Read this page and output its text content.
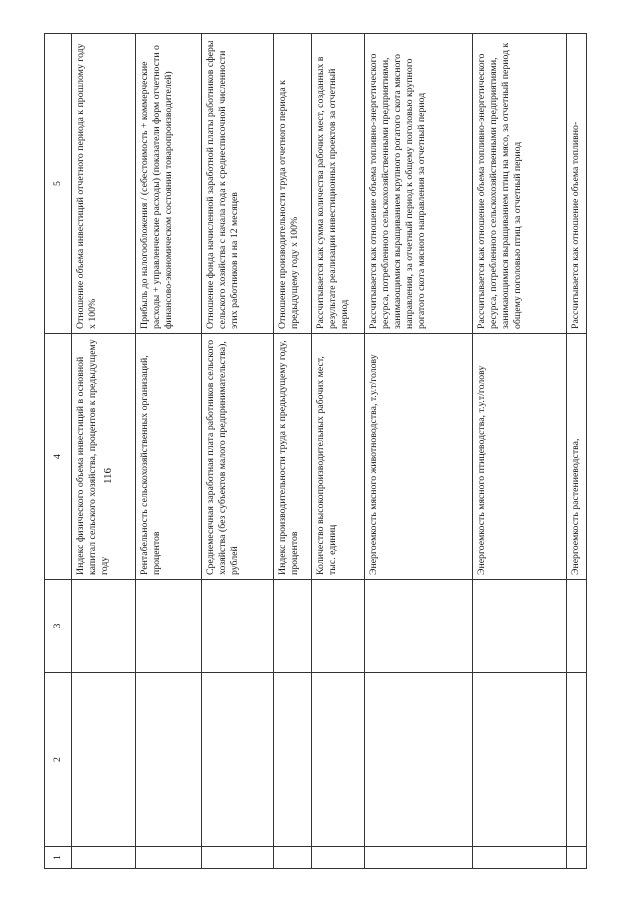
116
1	2	3	4	5
			Индекс физического объема инвестиций в основной капитал сельского хозяйства, процентов к предыдущему году	Отношение объема инвестиций отчетного периода к прошлому году х 100%
			Рентабельность сельскохозяйственных организаций, процентов	Прибыль до налогообложения / (себестоимость + коммерческие расходы + управленческие расходы) (показатели форм отчетности о финансово-экономическом состоянии товаропроизводителей)
			Среднемесячная заработная плата работников сельского хозяйства (без субъектов малого предпринимательства), рублей	Отношение фонда начисленной заработной платы работников сферы сельского хозяйства с начала года к среднесписочной численности этих работников и на 12 месяцев
			Индекс производительности труда к предыдущему году, процентов	Отношение производительности труда отчетного периода к предыдущему году х 100%
			Количество высокопроизводительных рабочих мест, тыс. единиц	Рассчитывается как сумма количества рабочих мест, созданных в результате реализации инвестиционных проектов за отчетный период
			Энергоемкость мясного животноводства, т.у.т/голову	Рассчитывается как отношение объема топливно-энергетического ресурса, потребленного сельскохозяйственными предприятиями, занимающимися выращиванием крупного рогатого скота мясного направления, за отчетный период к общему поголовью крупного рогатого скота мясного направления за отчетный период
			Энергоемкость мясного птицеводства, т.у.т/голову	Рассчитывается как отношение объема топливно-энергетического ресурса, потребленного сельскохозяйственными предприятиями, занимающимися выращиванием птиц на мясо, за отчетный период к общему поголовью птиц за отчетный период
			Энергоемкость растениеводства,	Рассчитывается как отношение объема топливно-
